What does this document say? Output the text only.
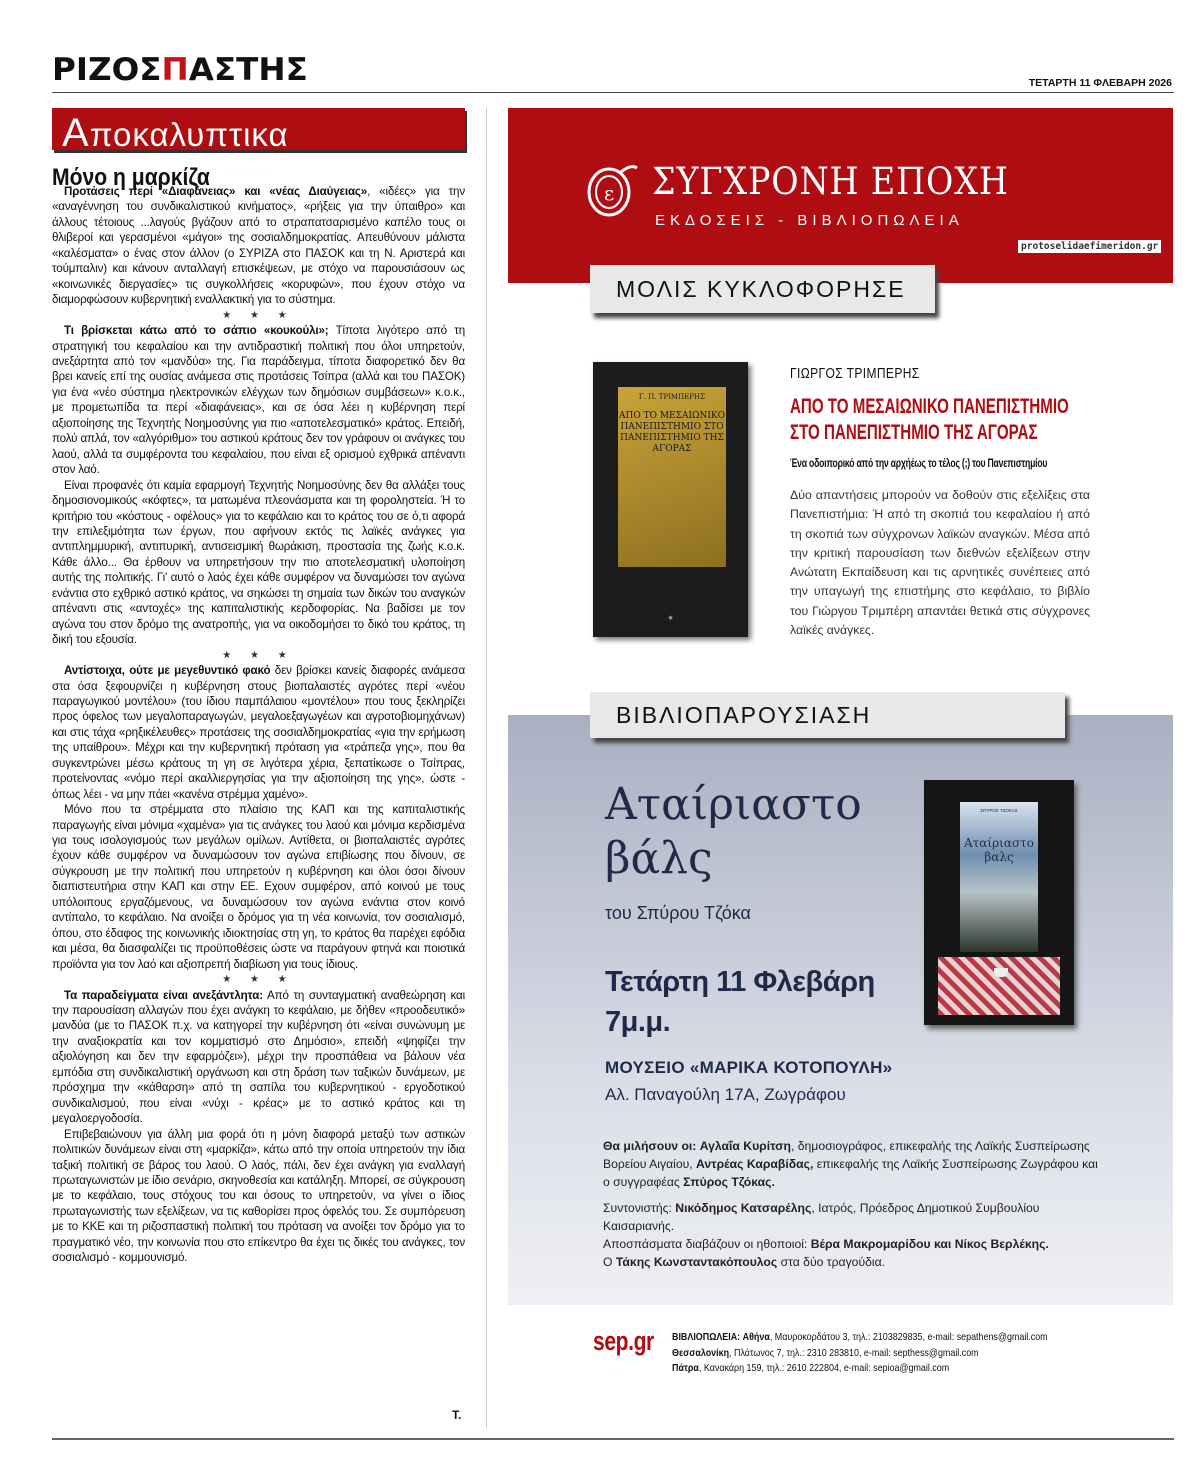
ΡΙΖΟΣΠΑΣΤΗΣ	ΤΕΤΑΡΤΗ 11 ΦΛΕΒΑΡΗ 2026
Αποκαλυπτικα
Μόνο η μαρκίζα

Προτάσεις περί «Διαφάνειας» και «νέας Διαύγειας», «ιδέες» για την «αναγέννηση του συνδικαλιστικού κινήματος», «ρήξεις για την ύπαιθρο» και άλλους τέτοιους ...λαγούς βγάζουν από το στραπατσαρισμένο καπέλο τους οι θλιβεροί και γερασμένοι «μάγοι» της σοσιαλδημοκρατίας. Απευθύνουν μάλιστα «καλέσματα» ο ένας στον άλλον (ο ΣΥΡΙΖΑ στο ΠΑΣΟΚ και τη Ν. Αριστερά και τούμπαλιν) και κάνουν ανταλλαγή επισκέψεων, με στόχο να παρουσιάσουν ως «κοινωνικές διεργασίες» τις συγκολλήσεις «κορυφών», που έχουν στόχο να διαμορφώσουν κυβερνητική εναλλακτική για το σύστημα.

★ ★ ★

Τι βρίσκεται κάτω από το σάπιο «κουκούλι»; Τίποτα λιγότερο από τη στρατηγική του κεφαλαίου και την αντιδραστική πολιτική που όλοι υπηρετούν, ανεξάρτητα από τον «μανδύα» της. Για παράδειγμα, τίποτα διαφορετικό δεν θα βρει κανείς επί της ουσίας ανάμεσα στις προτάσεις Τσίπρα (αλλά και του ΠΑΣΟΚ) για ένα «νέο σύστημα ηλεκτρονικών ελέγχων των δημόσιων συμβάσεων» κ.ο.κ., με προμετωπίδα τα περί «διαφάνειας», και σε όσα λέει η κυβέρνηση περί αξιοποίησης της Τεχνητής Νοημοσύνης για πιο «αποτελεσματικό» κράτος. Επειδή, πολύ απλά, τον «αλγόριθμο» του αστικού κράτους δεν τον γράφουν οι ανάγκες του λαού, αλλά τα συμφέροντα του κεφαλαίου, που είναι εξ ορισμού εχθρικά απέναντι στον λαό.

Είναι προφανές ότι καμία εφαρμογή Τεχνητής Νοημοσύνης δεν θα αλλάξει τους δημοσιονομικούς «κόφτες», τα ματωμένα πλεονάσματα και τη φοροληστεία. Ή το κριτήριο του «κόστους - οφέλους» για το κεφάλαιο και το κράτος του σε ό,τι αφορά την επιλεξιμότητα των έργων, που αφήνουν εκτός τις λαϊκές ανάγκες για αντιπλημμυρική, αντιπυρική, αντισεισμική θωράκιση, προστασία της ζωής κ.ο.κ. Κάθε άλλο... Θα έρθουν να υπηρετήσουν την πιο αποτελεσματική υλοποίηση αυτής της πολιτικής. Γι' αυτό ο λαός έχει κάθε συμφέρον να δυναμώσει τον αγώνα ενάντια στο εχθρικό αστικό κράτος, να σηκώσει τη σημαία των δικών του αναγκών απέναντι στις «αντοχές» της καπιταλιστικής κερδοφορίας. Να βαδίσει με τον αγώνα του στον δρόμο της ανατροπής, για να οικοδομήσει το δικό του κράτος, τη δική του εξουσία.

★ ★ ★

Αντίστοιχα, ούτε με μεγεθυντικό φακό δεν βρίσκει κανείς διαφορές ανάμεσα στα όσα ξεφουρνίζει η κυβέρνηση στους βιοπαλαιστές αγρότες περί «νέου παραγωγικού μοντέλου» (του ίδιου παμπάλαιου «μοντέλου» που τους ξεκληρίζει προς όφελος των μεγαλοπαραγωγών, μεγαλοεξαγωγέων και αγροτοβιομηχάνων) και στις τάχα «ρηξικέλευθες» προτάσεις της σοσιαλδημοκρατίας «για την ερήμωση της υπαίθρου». Μέχρι και την κυβερνητική πρόταση για «τράπεζα γης», που θα συγκεντρώνει μέσω κράτους τη γη σε λιγότερα χέρια, ξεπατίκωσε ο Τσίπρας, προτείνοντας «νόμο περί ακαλλιεργησίας για την αξιοποίηση της γης», ώστε - όπως λέει - να μην πάει «κανένα στρέμμα χαμένο».

Μόνο που τα στρέμματα στο πλαίσιο της ΚΑΠ και της καπιταλιστικής παραγωγής είναι μόνιμα «χαμένα» για τις ανάγκες του λαού και μόνιμα κερδισμένα για τους ισολογισμούς των μεγάλων ομίλων. Αντίθετα, οι βιοπαλαιστές αγρότες έχουν κάθε συμφέρον να δυναμώσουν τον αγώνα επιβίωσης που δίνουν, σε σύγκρουση με την πολιτική που υπηρετούν η κυβέρνηση και όλοι όσοι δίνουν διαπιστευτήρια στην ΚΑΠ και στην ΕΕ. Εχουν συμφέρον, από κοινού με τους υπόλοιπους εργαζόμενους, να δυναμώσουν τον αγώνα ενάντια στον κοινό αντίπαλο, το κεφάλαιο. Να ανοίξει ο δρόμος για τη νέα κοινωνία, τον σοσιαλισμό, όπου, στο έδαφος της κοινωνικής ιδιοκτησίας στη γη, το κράτος θα παρέχει εφόδια και μέσα, θα διασφαλίζει τις προϋποθέσεις ώστε να παράγουν φτηνά και ποιοτικά προϊόντα για τον λαό και αξιοπρεπή διαβίωση για τους ίδιους.

★ ★ ★

Τα παραδείγματα είναι ανεξάντλητα: Από τη συνταγματική αναθεώρηση και την παρουσίαση αλλαγών που έχει ανάγκη το κεφάλαιο, με δήθεν «προοδευτικό» μανδύα (με το ΠΑΣΟΚ π.χ. να κατηγορεί την κυβέρνηση ότι «είναι συνώνυμη με την αναξιοκρατία και τον κομματισμό στο Δημόσιο», επειδή «ψηφίζει την αξιολόγηση και δεν την εφαρμόζει»), μέχρι την προσπάθεια να βάλουν νέα εμπόδια στη συνδικαλιστική οργάνωση και στη δράση των ταξικών δυνάμεων, με πρόσχημα την «κάθαρση» από τη σαπίλα του κυβερνητικού - εργοδοτικού συνδικαλισμού, που είναι «νύχι - κρέας» με το αστικό κράτος και τη μεγαλοεργοδοσία.

Επιβεβαιώνουν για άλλη μια φορά ότι η μόνη διαφορά μεταξύ των αστικών πολιτικών δυνάμεων είναι στη «μαρκίζα», κάτω από την οποία υπηρετούν την ίδια ταξική πολιτική σε βάρος του λαού. Ο λαός, πάλι, δεν έχει ανάγκη για εναλλαγή πρωταγωνιστών με ίδιο σενάριο, σκηνοθεσία και κατάληξη. Μπορεί, σε σύγκρουση με το κεφάλαιο, τους στόχους του και όσους το υπηρετούν, να γίνει ο ίδιος πρωταγωνιστής των εξελίξεων, να τις καθορίσει προς όφελός του. Σε συμπόρευση με το ΚΚΕ και τη ριζοσπαστική πολιτική του πρόταση να ανοίξει τον δρόμο για το πραγματικό νέο, την κοινωνία που στο επίκεντρο θα έχει τις δικές του ανάγκες, τον σοσιαλισμό - κομμουνισμό.

Τ.
ε ΣΥΓΧΡΟΝΗ ΕΠΟΧΗ
ΕΚΔΟΣΕΙΣ - ΒΙΒΛΙΟΠΩΛΕΙΑ
protoselidaefimeridon.gr
ΜΟΛΙΣ ΚΥΚΛΟΦΟΡΗΣΕ
Γ. Π. ΤΡΙΜΠΕΡΗΣ
ΑΠΟ ΤΟ ΜΕΣΑΙΩΝΙΚΟ ΠΑΝΕΠΙΣΤΗΜΙΟ ΣΤΟ ΠΑΝΕΠΙΣΤΗΜΙΟ ΤΗΣ ΑΓΟΡΑΣ
◉
ΓΙΩΡΓΟΣ ΤΡΙΜΠΕΡΗΣ
ΑΠΟ ΤΟ ΜΕΣΑΙΩΝΙΚΟ ΠΑΝΕΠΙΣΤΗΜΙΟ
ΣΤΟ ΠΑΝΕΠΙΣΤΗΜΙΟ ΤΗΣ ΑΓΟΡΑΣ
Ένα οδοιπορικό από την αρχήέως το τέλος (;) του Πανεπιστημίου
Δύο απαντήσεις μπορούν να δοθούν στις εξελίξεις στα Πανεπιστήμια: Ή από τη σκοπιά του κεφαλαίου ή από τη σκοπιά των σύγχρονων λαϊκών αναγκών. Μέσα από την κριτική παρουσίαση των διεθνών εξελίξεων στην Ανώτατη Εκπαίδευση και τις αρνητικές συνέπειες από την υπαγωγή της επιστήμης στο κεφάλαιο, το βιβλίο του Γιώργου Τριμπέρη απαντάει θετικά στις σύγχρονες λαϊκές ανάγκες.
ΒΙΒΛΙΟΠΑΡΟΥΣΙΑΣΗ
Αταίριαστο
βάλς
του Σπύρου Τζόκα
Τετάρτη 11 Φλεβάρη
7μ.μ.
ΜΟΥΣΕΙΟ «ΜΑΡΙΚΑ ΚΟΤΟΠΟΥΛΗ»
Αλ. Παναγούλη 17Α, Ζωγράφου
ΣΠΥΡΟΣ ΤΖΟΚΑΣ
Αταίριαστο
βαλς

Θα μιλήσουν οι: Αγλαΐα Κυρίτση, δημοσιογράφος, επικεφαλής της Λαϊκής Συσπείρωσης Βορείου Αιγαίου, Αντρέας Καραβίδας, επικεφαλής της Λαϊκής Συσπείρωσης Ζωγράφου και ο συγγραφέας Σπύρος Τζόκας.

Συντονιστής: Νικόδημος Κατσαρέλης, Ιατρός, Πρόεδρος Δημοτικού Συμβουλίου Καισαριανής.

Αποσπάσματα διαβάζουν οι ηθοποιοί: Βέρα Μακρομαρίδου και Νίκος Βερλέκης.

Ο Τάκης Κωνσταντακόπουλος στα δύο τραγούδια.

sep.gr ΒΙΒΛΙΟΠΩΛΕΙΑ: Αθήνα, Μαυροκορδάτου 3, τηλ.: 2103829835, e-mail: sepathens@gmail.com
Θεσσαλονίκη, Πλάτωνος 7, τηλ.: 2310 283810, e-mail: septhess@gmail.com
Πάτρα, Κανακάρη 159, τηλ.: 2610 222804, e-mail: sepioa@gmail.com
